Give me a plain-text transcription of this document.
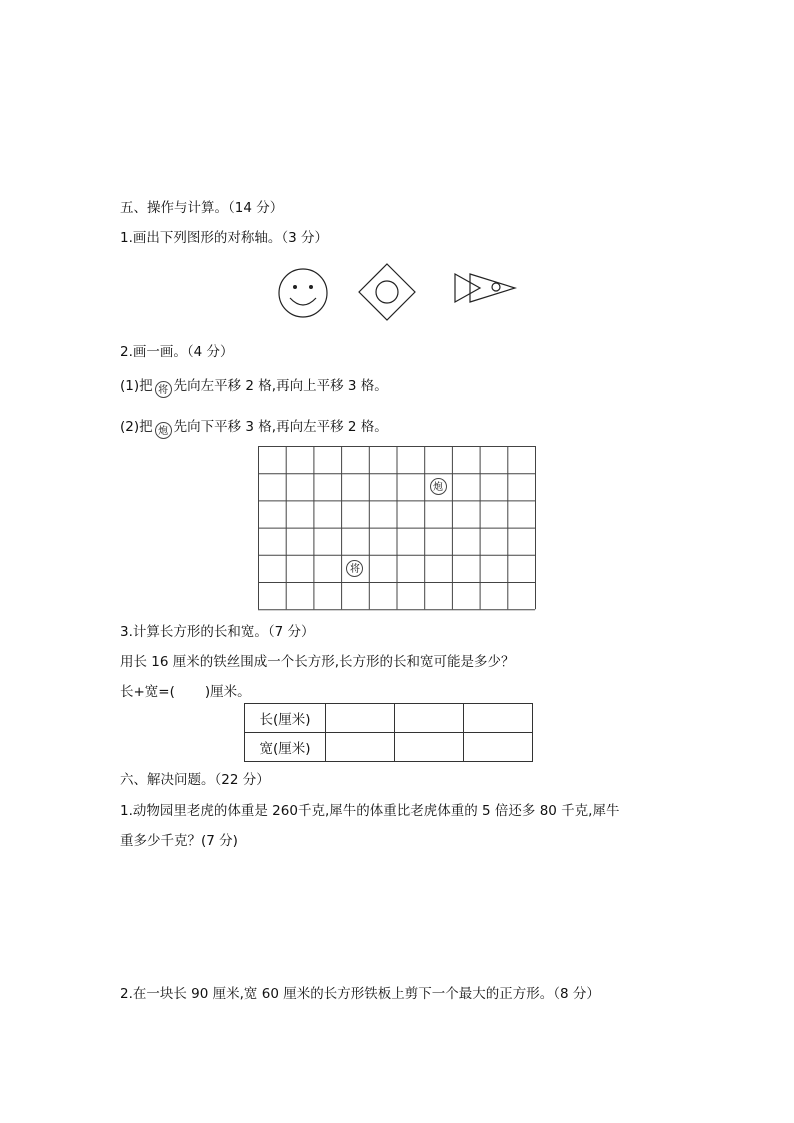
五、操作与计算。（14 分）
1.画出下列图形的对称轴。（3 分）
2.画一画。（4 分）
(1)把 将 先向左平移 2 格,再向上平移 3 格。
(2)把 炮 先向下平移 3 格,再向左平移 2 格。
炮
将
3.计算长方形的长和宽。（7 分）
用长 16 厘米的铁丝围成一个长方形,长方形的长和宽可能是多少？
长+宽=( )厘米。
长(厘米)			
宽(厘米)			
六、解决问题。（22 分）
1.动物园里老虎的体重是 260千克,犀牛的体重比老虎体重的 5 倍还多 80 千克,犀牛
重多少千克？(7 分)
2.在一块长 90 厘米,宽 60 厘米的长方形铁板上剪下一个最大的正方形。（8 分）
